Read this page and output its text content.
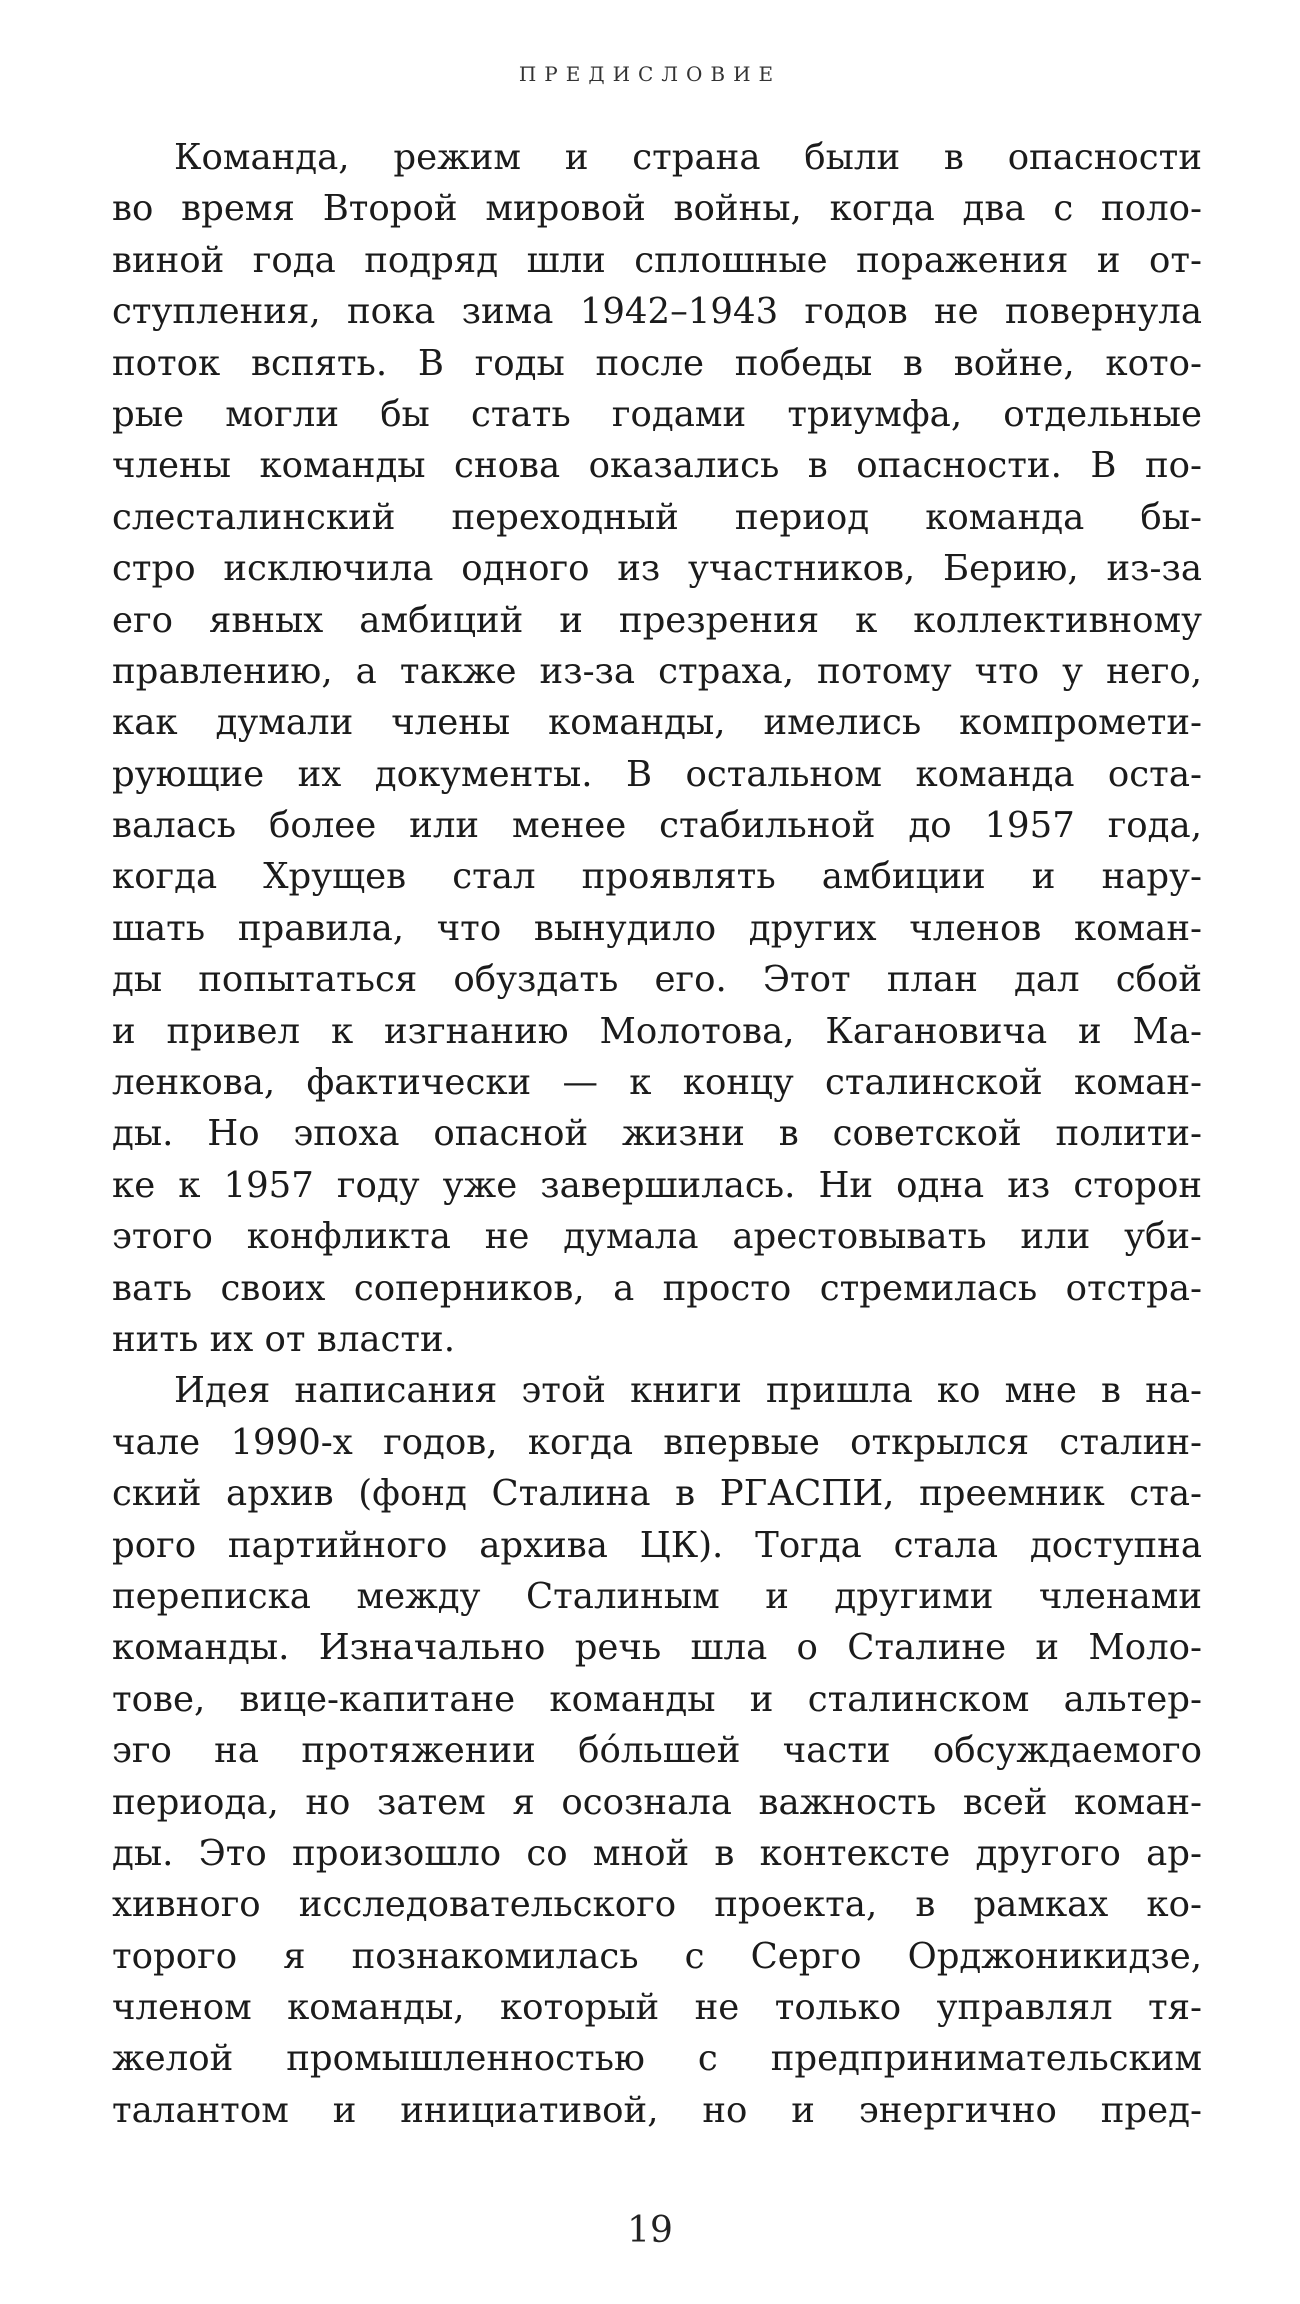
ПРЕДИСЛОВИЕ
Команда, режим и страна были в опасности
во время Второй мировой войны, когда два с поло-
виной года подряд шли сплошные поражения и от-
ступления, пока зима 1942–1943 годов не повернула
поток вспять. В годы после победы в войне, кото-
рые могли бы стать годами триумфа, отдельные
члены команды снова оказались в опасности. В по-
слесталинский переходный период команда бы-
стро исключила одного из участников, Берию, из-за
его явных амбиций и презрения к коллективному
правлению, а также из-за страха, потому что у него,
как думали члены команды, имелись компромети-
рующие их документы. В остальном команда оста-
валась более или менее стабильной до 1957 года,
когда Хрущев стал проявлять амбиции и нару-
шать правила, что вынудило других членов коман-
ды попытаться обуздать его. Этот план дал сбой
и привел к изгнанию Молотова, Кагановича и Ма-
ленкова, фактически — к концу сталинской коман-
ды. Но эпоха опасной жизни в советской полити-
ке к 1957 году уже завершилась. Ни одна из сторон
этого конфликта не думала арестовывать или уби-
вать своих соперников, а просто стремилась отстра-
нить их от власти.
Идея написания этой книги пришла ко мне в на-
чале 1990-х годов, когда впервые открылся сталин-
ский архив (фонд Сталина в РГАСПИ, преемник ста-
рого партийного архива ЦК). Тогда стала доступна
переписка между Сталиным и другими членами
команды. Изначально речь шла о Сталине и Моло-
тове, вице-капитане команды и сталинском альтер-
эго на протяжении бóльшей части обсуждаемого
периода, но затем я осознала важность всей коман-
ды. Это произошло со мной в контексте другого ар-
хивного исследовательского проекта, в рамках ко-
торого я познакомилась с Серго Орджоникидзе,
членом команды, который не только управлял тя-
желой промышленностью с предпринимательским
талантом и инициативой, но и энергично пред-
19
